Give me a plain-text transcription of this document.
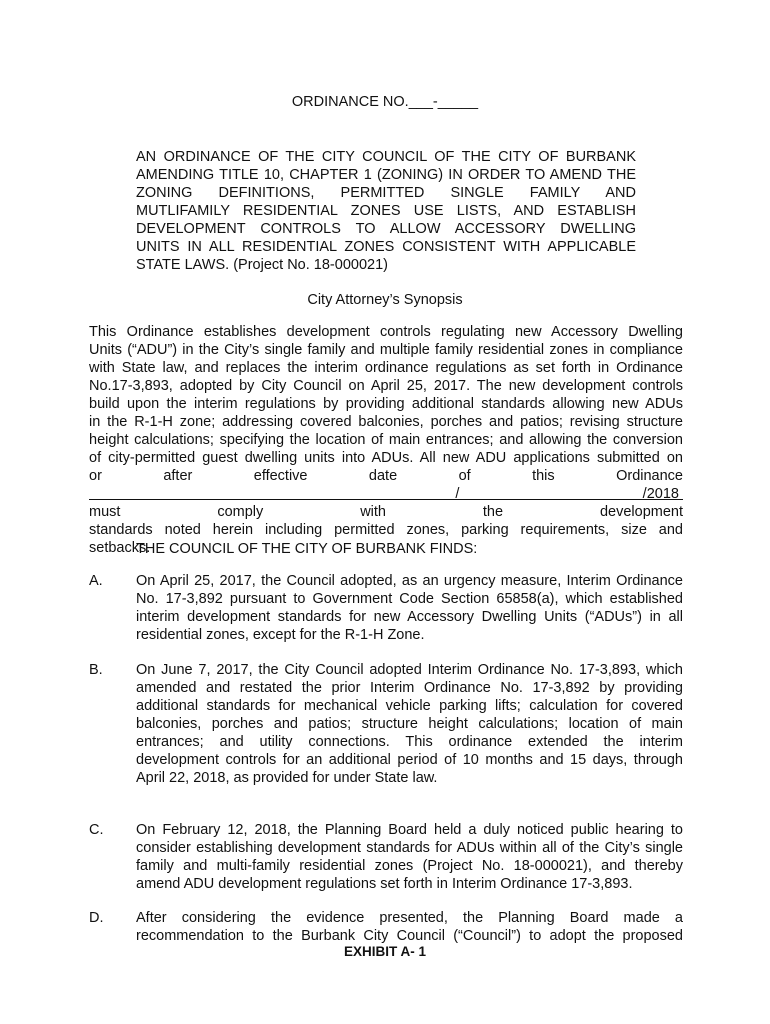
ORDINANCE NO.___-_____
AN ORDINANCE OF THE CITY COUNCIL OF THE CITY OF BURBANK
AMENDING TITLE 10, CHAPTER 1 (ZONING) IN ORDER TO AMEND THE
ZONING DEFINITIONS, PERMITTED SINGLE FAMILY AND
MUTLIFAMILY RESIDENTIAL ZONES USE LISTS, AND ESTABLISH
DEVELOPMENT CONTROLS TO ALLOW ACCESSORY DWELLING
UNITS IN ALL RESIDENTIAL ZONES CONSISTENT WITH APPLICABLE
STATE LAWS. (Project No. 18-000021)
City Attorney’s Synopsis
This Ordinance establishes development controls regulating new Accessory Dwelling
Units (“ADU”) in the City’s single family and multiple family residential zones in compliance
with State law, and replaces the interim ordinance regulations as set forth in Ordinance
No.17-3,893, adopted by City Council on April 25, 2017. The new development controls
build upon the interim regulations by providing additional standards allowing new ADUs
in the R-1-H zone; addressing covered balconies, porches and patios; revising structure
height calculations; specifying the location of main entrances; and allowing the conversion
of city-permitted guest dwelling units into ADUs. All new ADU applications submitted on
or after effective date of this Ordinance
/  /2018
must comply with the development
standards noted herein including permitted zones, parking requirements, size and
setbacks.
THE COUNCIL OF THE CITY OF BURBANK FINDS:
A. On April 25, 2017, the Council adopted, as an urgency measure, Interim Ordinance
No. 17-3,892 pursuant to Government Code Section 65858(a), which established
interim development standards for new Accessory Dwelling Units (“ADUs”) in all
residential zones, except for the R-1-H Zone.
B. On June 7, 2017, the City Council adopted Interim Ordinance No. 17-3,893, which
amended and restated the prior Interim Ordinance No. 17-3,892 by providing
additional standards for mechanical vehicle parking lifts; calculation for covered
balconies, porches and patios; structure height calculations; location of main
entrances; and utility connections. This ordinance extended the interim
development controls for an additional period of 10 months and 15 days, through
April 22, 2018, as provided for under State law.
C. On February 12, 2018, the Planning Board held a duly noticed public hearing to
consider establishing development standards for ADUs within all of the City’s single
family and multi-family residential zones (Project No. 18-000021), and thereby
amend ADU development regulations set forth in Interim Ordinance 17-3,893.
D. After considering the evidence presented, the Planning Board made a
recommendation to the Burbank City Council (“Council”) to adopt the proposed
EXHIBIT A- 1
